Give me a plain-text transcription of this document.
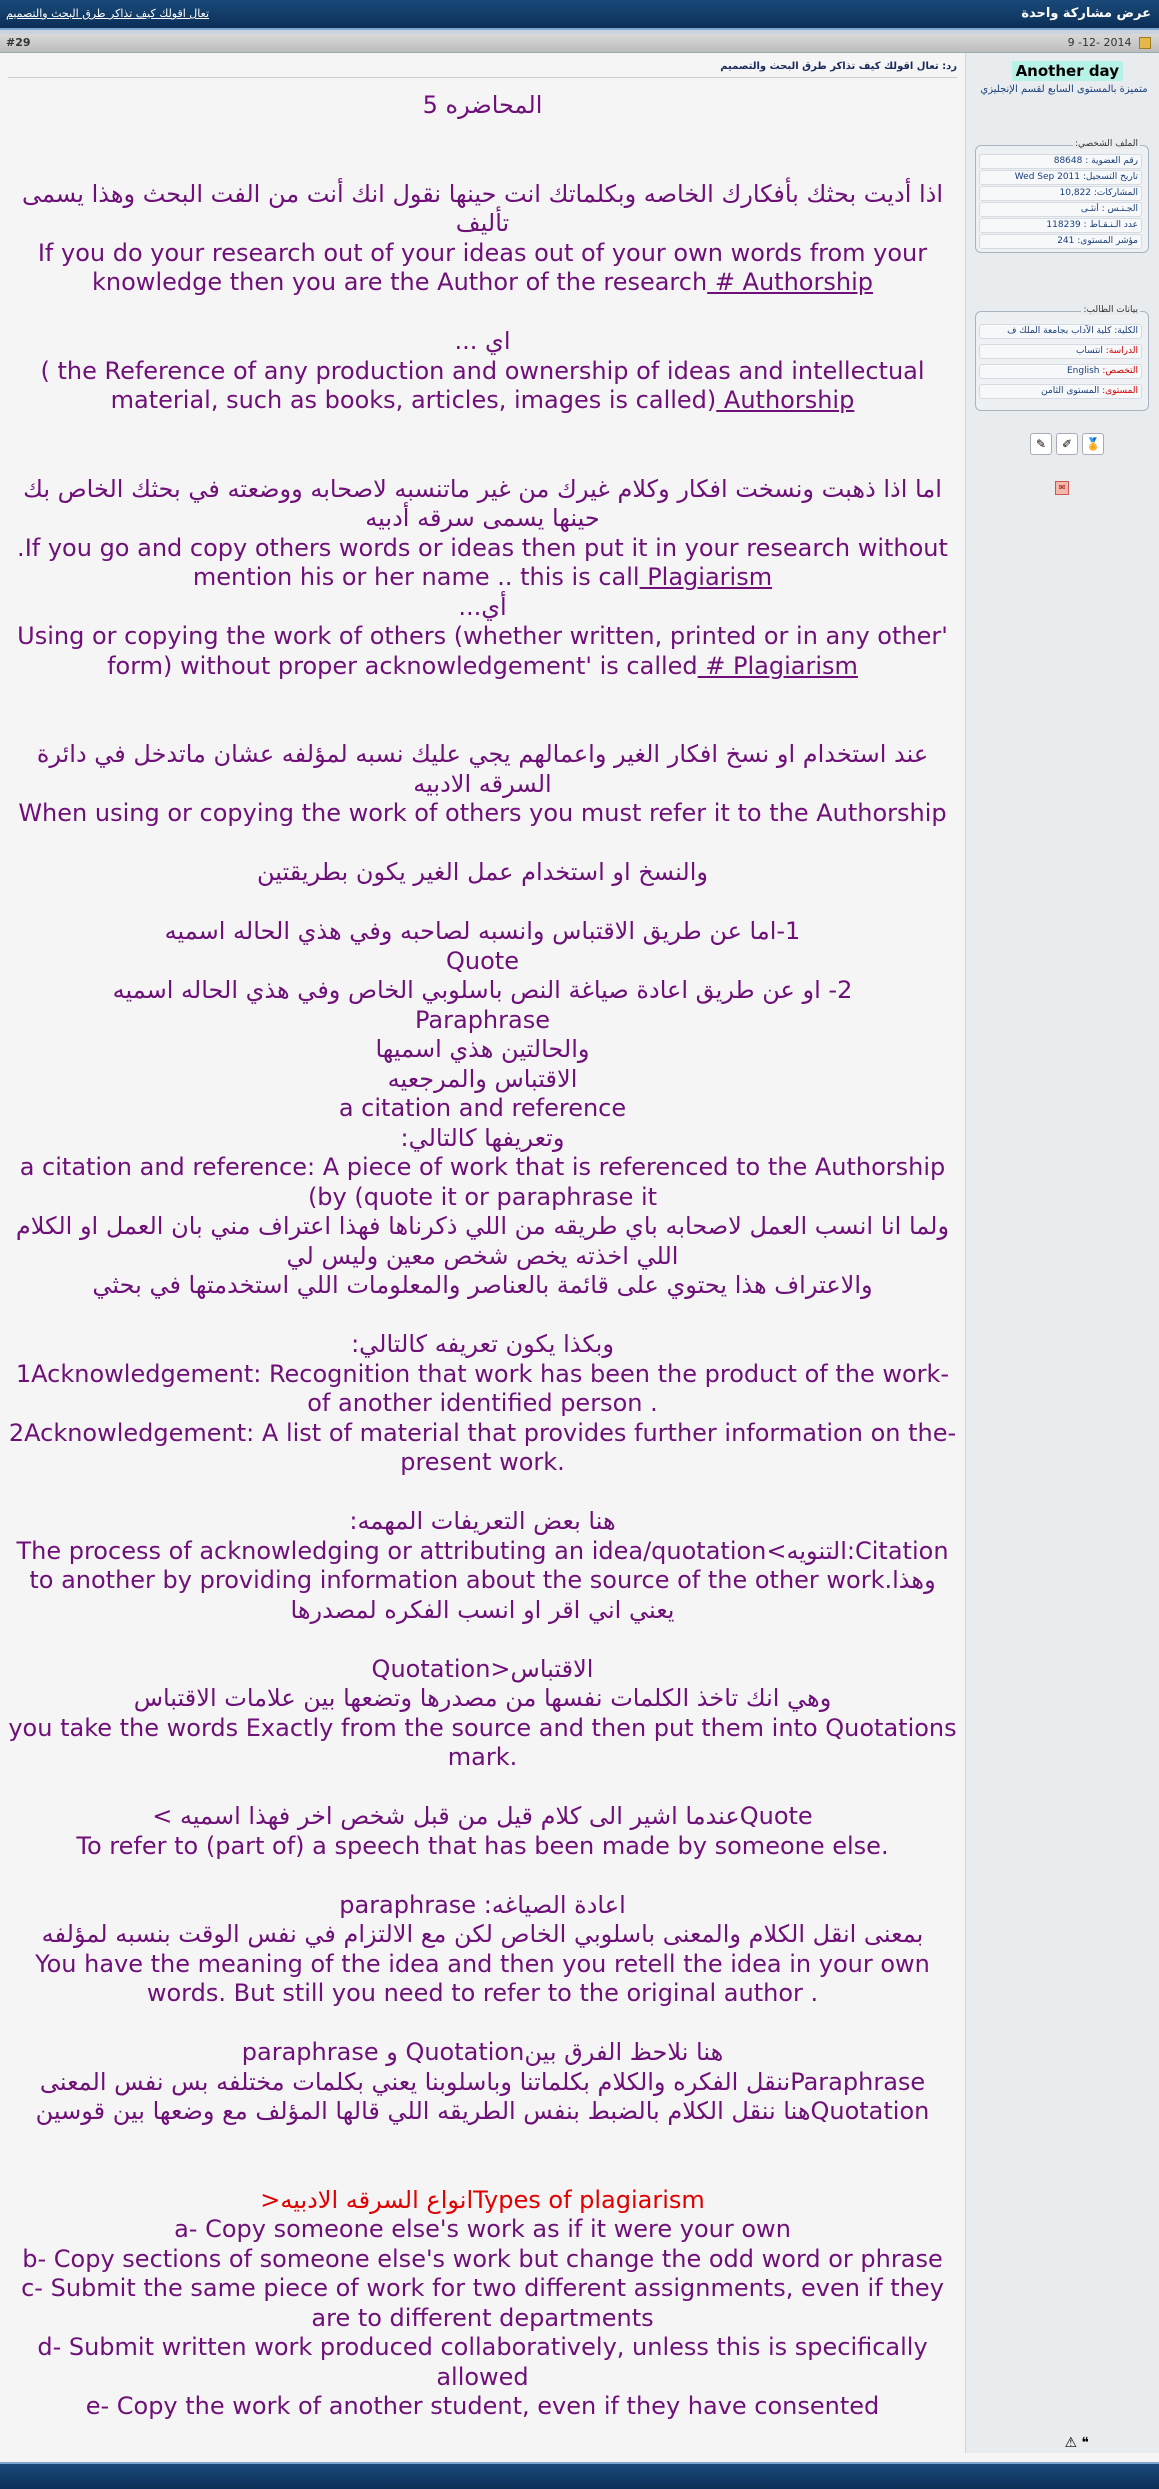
عرض مشاركة واحدة
تعال اقولك كيف تذاكر طرق البحث والتصميم
#29	2014 -12- 9
رد: تعال اقولك كيف تذاكر طرق البحث والتصميم

المحاضره 5

اذا أديت بحثك بأفكارك الخاصه وبكلماتك انت حينها نقول انك أنت من الفت البحث وهذا يسمى تأليف

If you do your research out of your ideas out of your own words from your knowledge then you are the Author of the research # Authorship

اي ...

( the Reference of any production and ownership of ideas and intellectual material, such as books, articles, images is called) Authorship

اما اذا ذهبت ونسخت افكار وكلام غيرك من غير ماتنسبه لاصحابه ووضعته في بحثك الخاص بك حينها يسمى سرقه أدبيه

.If you go and copy others words or ideas then put it in your research without mention his or her name .. this is call Plagiarism

أي...

Using or copying the work of others (whether written, printed or in any other' form) without proper acknowledgement' is called # Plagiarism

عند استخدام او نسخ افكار الغير واعمالهم يجي عليك نسبه لمؤلفه عشان ماتدخل في دائرة السرقه الادبيه

When using or copying the work of others you must refer it to the Authorship

والنسخ او استخدام عمل الغير يكون بطريقتين

1-اما عن طريق الاقتباس وانسبه لصاحبه وفي هذي الحاله اسميه

Quote

2- او عن طريق اعادة صياغة النص باسلوبي الخاص وفي هذي الحاله اسميه

Paraphrase

والحالتين هذي اسميها

الاقتباس والمرجعيه

a citation and reference

وتعريفها كالتالي:

a citation and reference: A piece of work that is referenced to the Authorship (by (quote it or paraphrase it

ولما انا انسب العمل لاصحابه باي طريقه من اللي ذكرناها فهذا اعتراف مني بان العمل او الكلام اللي اخذته يخص شخص معين وليس لي

والاعتراف هذا يحتوي على قائمة بالعناصر والمعلومات اللي استخدمتها في بحثي

وبكذا يكون تعريفه كالتالي:

1Acknowledgement: Recognition that work has been the product of the work- of another identified person .

2Acknowledgement: A list of material that provides further information on the- present work.

هنا بعض التعريفات المهمه:

The process of acknowledging or attributing an idea/quotation<التنويه:Citation to another by providing information about the source of the other work.وهذا

يعني اني اقر او انسب الفكره لمصدرها

الاقتباس<Quotation

وهي انك تاخذ الكلمات نفسها من مصدرها وتضعها بين علامات الاقتباس

you take the words Exactly from the source and then put them into Quotations mark.

Quoteعندما اشير الى كلام قيل من قبل شخص اخر فهذا اسميه >

To refer to (part of) a speech that has been made by someone else.

اعادة الصياغه: paraphrase

بمعنى انقل الكلام والمعنى باسلوبي الخاص لكن مع الالتزام في نفس الوقت بنسبه لمؤلفه

You have the meaning of the idea and then you retell the idea in your own words. But still you need to refer to the original author .

هنا نلاحظ الفرق بينQuotation و paraphrase

Paraphraseننقل الفكره والكلام بكلماتنا وباسلوبنا يعني بكلمات مختلفه بس نفس المعنى

Quotationهنا ننقل الكلام بالضبط بنفس الطريقه اللي قالها المؤلف مع وضعها بين قوسين

Types of plagiarismانواع السرقه الادبيه<

a- Copy someone else's work as if it were your own

b- Copy sections of someone else's work but change the odd word or phrase

c- Submit the same piece of work for two different assignments, even if they are to different departments

d- Submit written work produced collaboratively, unless this is specifically allowed

e- Copy the work of another student, even if they have consented

Another day
متميزة بالمستوى السابع لقسم الإنجليزي
الملف الشخصي:
رقم العضوية : 88648
تاريخ التسجيل: Wed Sep 2011
المشاركات: 10,822
الجـنـس : أنثـى
عدد الـنـقـاط : 118239
مؤشر المستوى: 241
بيانات الطالب:
الكلية: كلية الآداب بجامعة الملك ف
الدراسة: انتساب
التخصص: English
المستوى: المستوى الثامن
✎ ✐ 🏅
✉
⚠ ❝
